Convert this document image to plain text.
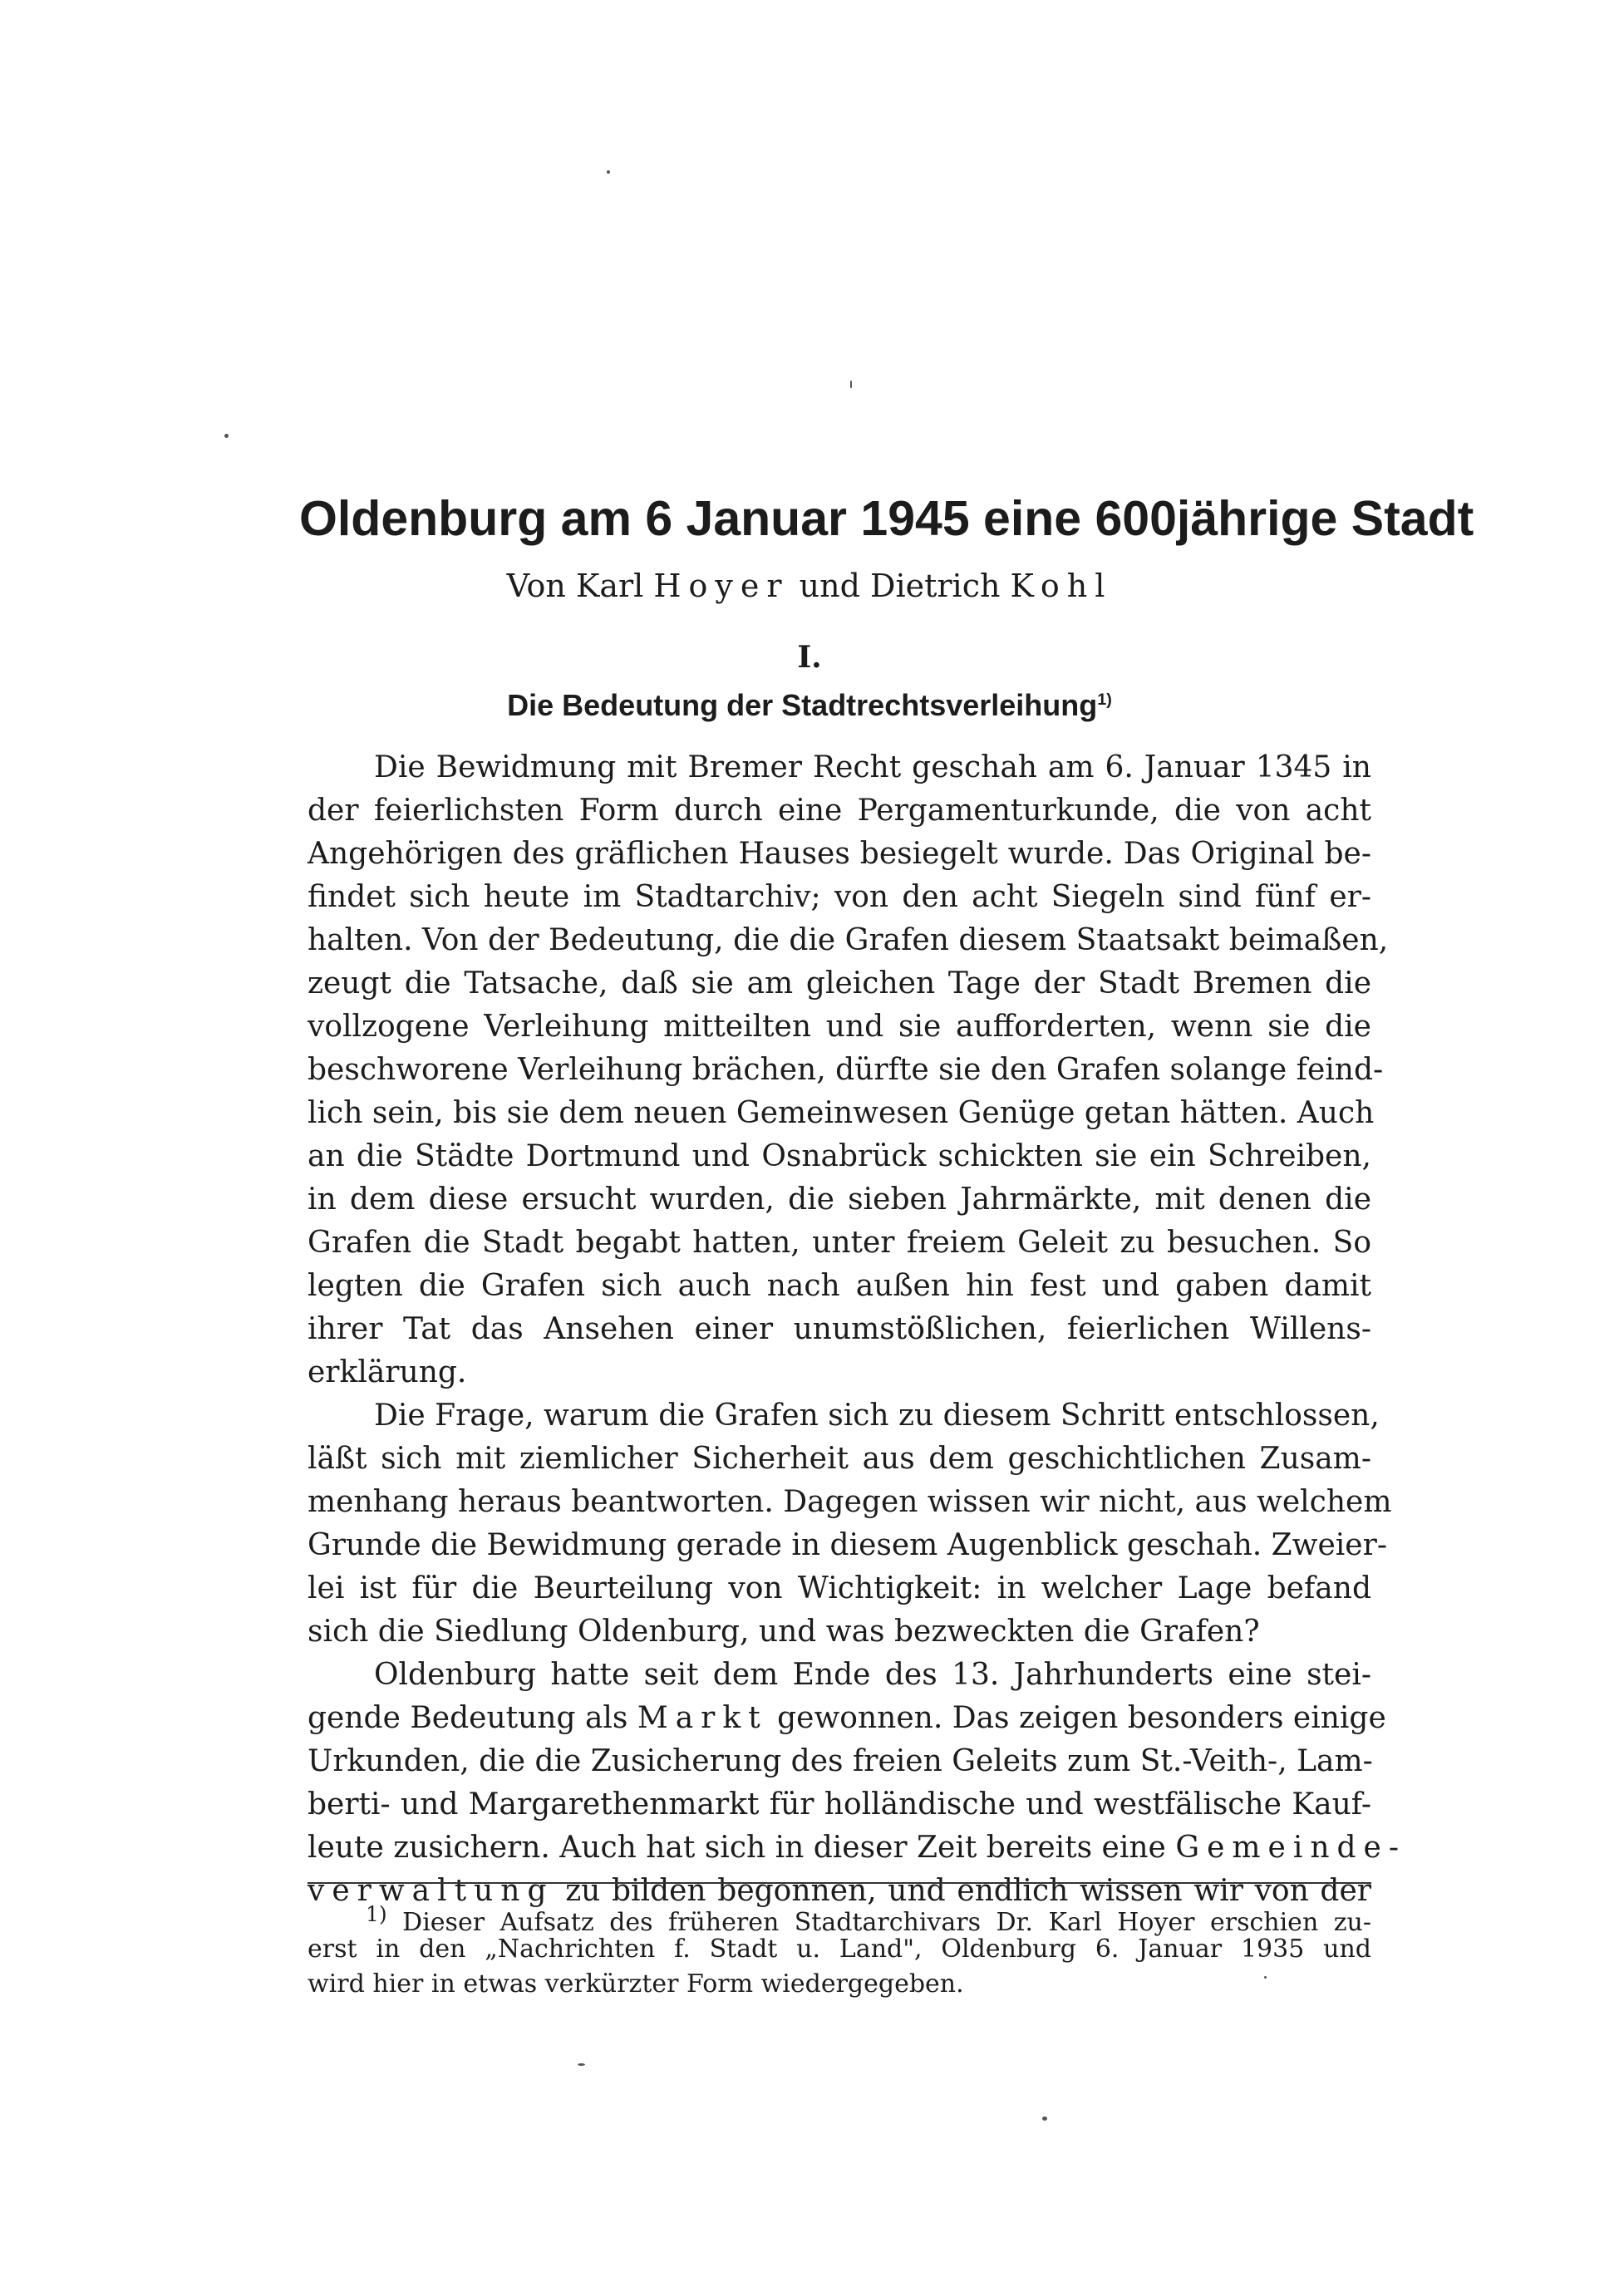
Oldenburg am 6 Januar 1945 eine 600jährige Stadt
Von Karl Hoyer und Dietrich Kohl
I.
Die Bedeutung der Stadtrechtsverleihung$^{1)}$
Die Bewidmung mit Bremer Recht geschah am 6. Januar 1345 in
der feierlichsten Form durch eine Pergamenturkunde, die von acht
Angehörigen des gräflichen Hauses besiegelt wurde. Das Original be-
findet sich heute im Stadtarchiv; von den acht Siegeln sind fünf er-
halten. Von der Bedeutung, die die Grafen diesem Staatsakt beimaßen,
zeugt die Tatsache, daß sie am gleichen Tage der Stadt Bremen die
vollzogene Verleihung mitteilten und sie aufforderten, wenn sie die
beschworene Verleihung brächen, dürfte sie den Grafen solange feind-
lich sein, bis sie dem neuen Gemeinwesen Genüge getan hätten. Auch
an die Städte Dortmund und Osnabrück schickten sie ein Schreiben,
in dem diese ersucht wurden, die sieben Jahrmärkte, mit denen die
Grafen die Stadt begabt hatten, unter freiem Geleit zu besuchen. So
legten die Grafen sich auch nach außen hin fest und gaben damit
ihrer Tat das Ansehen einer unumstößlichen, feierlichen Willens-
erklärung.
Die Frage, warum die Grafen sich zu diesem Schritt entschlossen,
läßt sich mit ziemlicher Sicherheit aus dem geschichtlichen Zusam-
menhang heraus beantworten. Dagegen wissen wir nicht, aus welchem
Grunde die Bewidmung gerade in diesem Augenblick geschah. Zweier-
lei ist für die Beurteilung von Wichtigkeit: in welcher Lage befand
sich die Siedlung Oldenburg, und was bezweckten die Grafen?
Oldenburg hatte seit dem Ende des 13. Jahrhunderts eine stei-
gende Bedeutung als Markt gewonnen. Das zeigen besonders einige
Urkunden, die die Zusicherung des freien Geleits zum St.-Veith-, Lam-
berti- und Margarethenmarkt für holländische und westfälische Kauf-
leute zusichern. Auch hat sich in dieser Zeit bereits eine Gemeinde-
verwaltung zu bilden begonnen, und endlich wissen wir von der
$^{1)}$ Dieser Aufsatz des früheren Stadtarchivars Dr. Karl Hoyer erschien zu-
erst in den „Nachrichten f. Stadt u. Land", Oldenburg 6. Januar 1935 und
wird hier in etwas verkürzter Form wiedergegeben.
